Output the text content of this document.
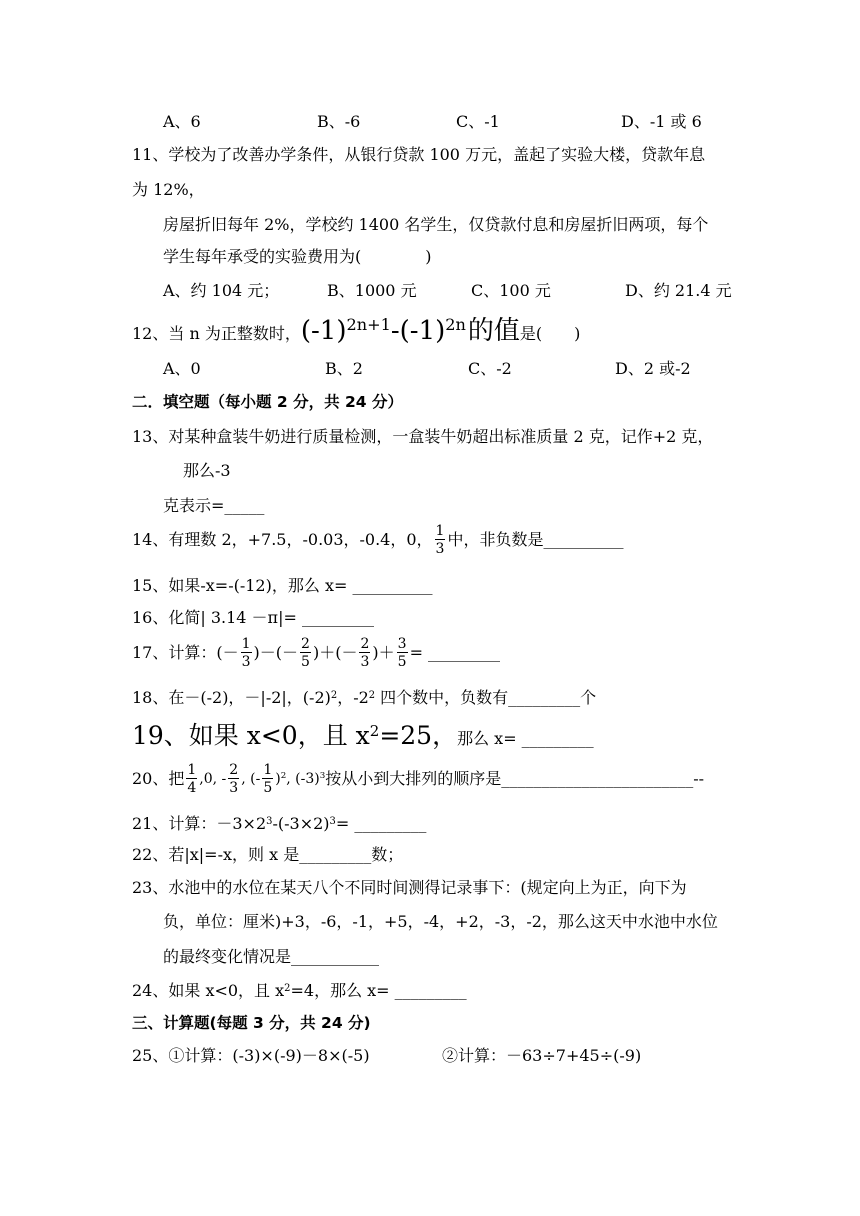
A、6	B、-6	C、-1	D、-1 或 6
11、学校为了改善办学条件，从银行贷款 100 万元，盖起了实验大楼，贷款年息
为 12%，
房屋折旧每年 2%，学校约 1400 名学生，仅贷款付息和房屋折旧两项，每个
学生每年承受的实验费用为(　　　　)
A、约 104 元；	B、1000 元	C、100 元	D、约 21.4 元
12、当 n 为正整数时，$(-1)^{2n+1}-(-1)^{2n}$的值是(　　)
A、0	B、2	C、-2	D、2 或-2
二．填空题（每小题 2 分，共 24 分）
13、对某种盒装牛奶进行质量检测，一盒装牛奶超出标准质量 2 克，记作+2 克，
那么-3
克表示=_____
14、有理数 2，+7.5，-0.03，-0.4，0， $\frac{1}{3}$ 中，非负数是__________
15、如果-x=-(-12)，那么 x= __________
16、化简| 3.14 －π|= _________
17、计算：(－ $\frac{1}{3}$ )－(－ $\frac{2}{5}$ )＋(－ $\frac{2}{3}$ )＋ $\frac{3}{5}$ = _________
18、在－(-2)，－|-2|，$(-2)^2$，$-2^2$ 四个数中，负数有_________个
19、如果 x<0，且 $x^2=25$，那么 x= _________
20、把 $\frac{1}{4} ,0$, - $\frac{2}{3}$ , (- $\frac{1}{5} )^2$, $(-3)^3$按从小到大排列的顺序是________________________--
21、计算：$-3\times 2^3-(-3\times 2)^3=$ _________
22、若|x|=-x，则 x 是_________数；
23、水池中的水位在某天八个不同时间测得记录事下：(规定向上为正，向下为
负，单位：厘米)+3，-6，-1，+5，-4，+2，-3，-2，那么这天中水池中水位
的最终变化情况是___________
24、如果 x<0，且 $x^2=4$，那么 x= _________
三、计算题(每题 3 分，共 24 分)
25、①计算：(-3)×(-9)－8×(-5)	②计算：－63÷7+45÷(-9)
